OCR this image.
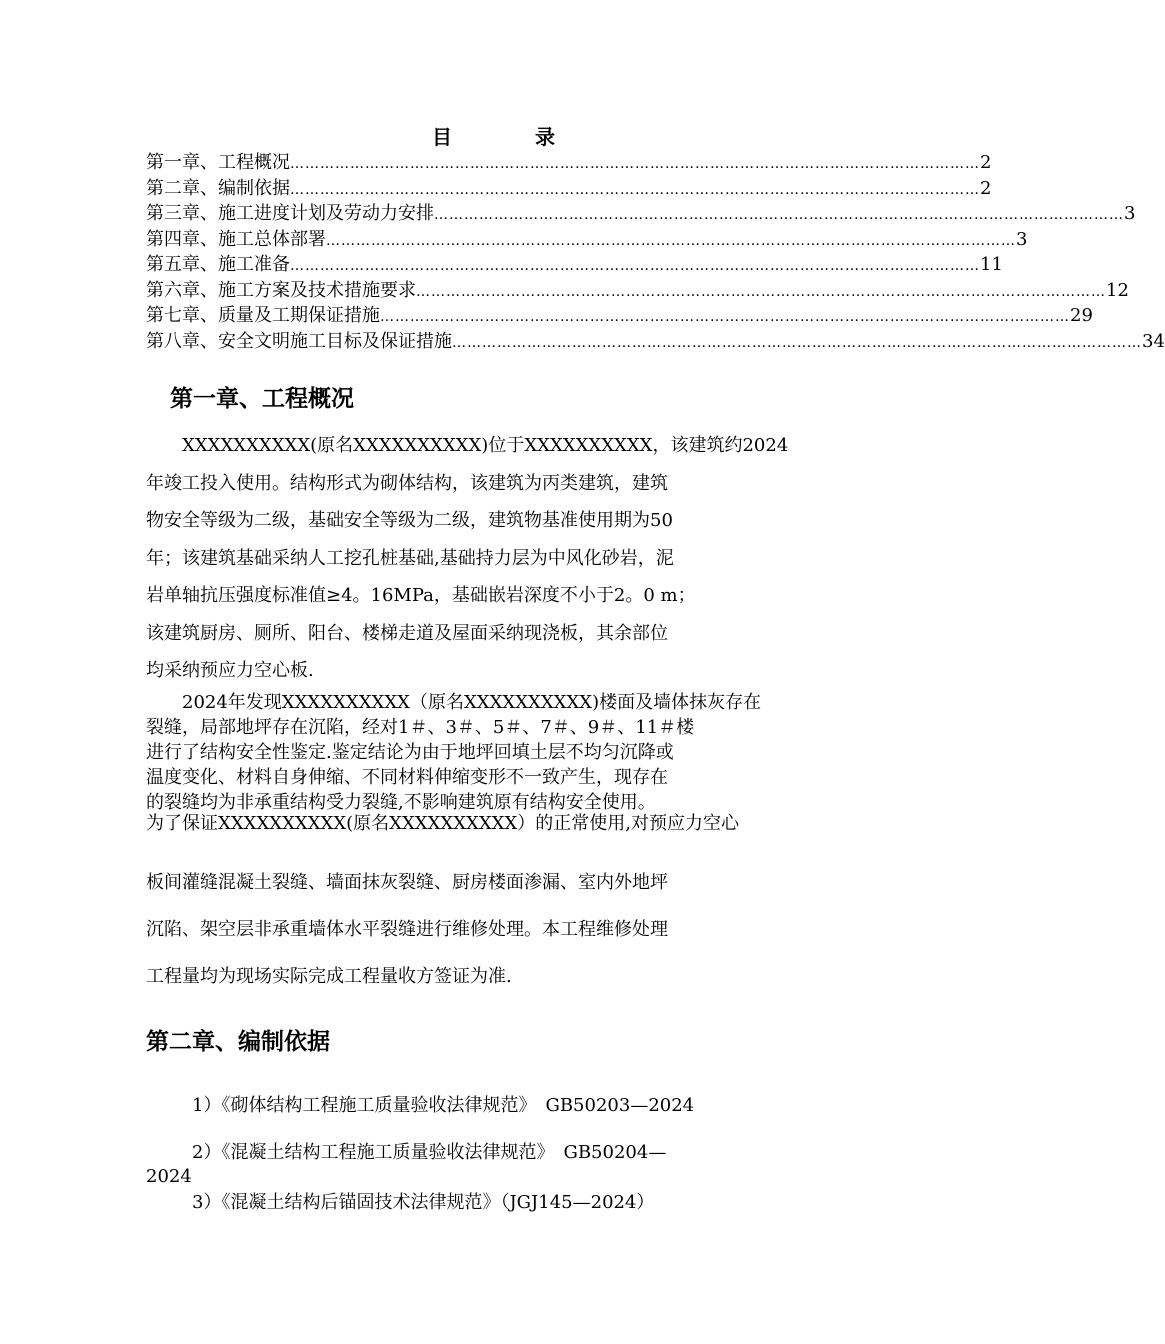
目 录
第一章、工程概况 ………………………………………………………………………………………………………………………… 2
第二章、编制依据 ………………………………………………………………………………………………………………………… 2
第三章、施工进度计划及劳动力安排 ………………………………………………………………………………………………………………………… 3
第四章、施工总体部署 ………………………………………………………………………………………………………………………… 3
第五章、施工准备 ………………………………………………………………………………………………………………………… 11
第六章、施工方案及技术措施要求 ………………………………………………………………………………………………………………………… 12
第七章、质量及工期保证措施 ………………………………………………………………………………………………………………………… 29
第八章、安全文明施工目标及保证措施 ………………………………………………………………………………………………………………………… 34
第一章、工程概况
XXXXXXXXXX(原名XXXXXXXXXX)位于XXXXXXXXXX，该建筑约2024
年竣工投入使用。结构形式为砌体结构，该建筑为丙类建筑，建筑
物安全等级为二级，基础安全等级为二级，建筑物基准使用期为50
年；该建筑基础采纳人工挖孔桩基础,基础持力层为中风化砂岩，泥
岩单轴抗压强度标准值≥4。16MPa，基础嵌岩深度不小于2。0 m；
该建筑厨房、厕所、阳台、楼梯走道及屋面采纳现浇板，其余部位
均采纳预应力空心板.
2024年发现XXXXXXXXXX（原名XXXXXXXXXX)楼面及墙体抹灰存在
裂缝，局部地坪存在沉陷，经对1＃、3＃、5＃、7＃、9＃、11＃楼
进行了结构安全性鉴定.鉴定结论为由于地坪回填土层不均匀沉降或
温度变化、材料自身伸缩、不同材料伸缩变形不一致产生，现存在
的裂缝均为非承重结构受力裂缝,不影响建筑原有结构安全使用。
为了保证XXXXXXXXXX(原名XXXXXXXXXX）的正常使用,对预应力空心
板间灌缝混凝土裂缝、墙面抹灰裂缝、厨房楼面渗漏、室内外地坪
沉陷、架空层非承重墙体水平裂缝进行维修处理。本工程维修处理
工程量均为现场实际完成工程量收方签证为准.
第二章、编制依据
1）《砌体结构工程施工质量验收法律规范》　GB50203—2024
2）《混凝土结构工程施工质量验收法律规范》　GB50204—
2024
3）《混凝土结构后锚固技术法律规范》（JGJ145—2024）
